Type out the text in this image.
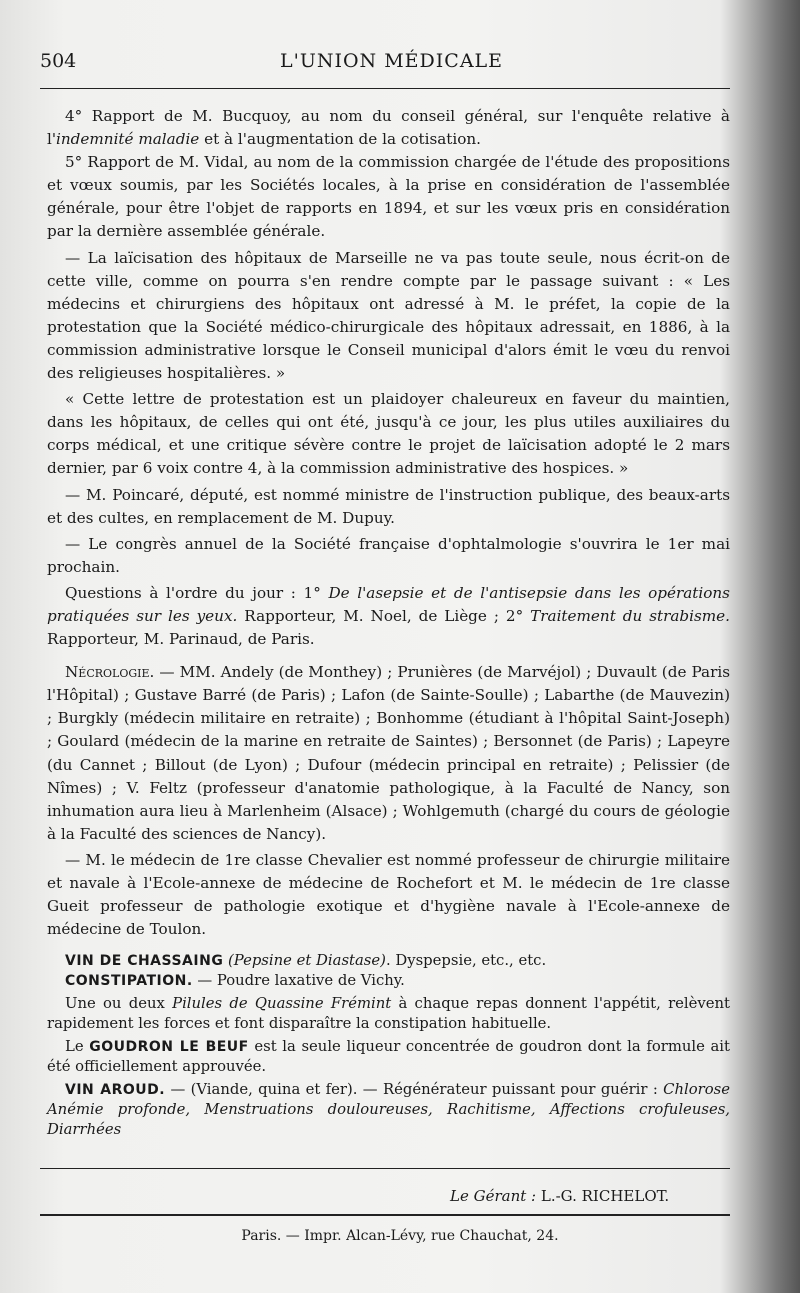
504	L'UNION MÉDICALE

4° Rapport de M. Bucquoy, au nom du conseil général, sur l'enquête relative à l'indemnité maladie et à l'augmentation de la cotisation.

5° Rapport de M. Vidal, au nom de la commission chargée de l'étude des propositions et vœux soumis, par les Sociétés locales, à la prise en considération de l'assemblée générale, pour être l'objet de rapports en 1894, et sur les vœux pris en considération par la dernière assemblée générale.

— La laïcisation des hôpitaux de Marseille ne va pas toute seule, nous écrit-on de cette ville, comme on pourra s'en rendre compte par le passage suivant : « Les médecins et chirurgiens des hôpitaux ont adressé à M. le préfet, la copie de la protestation que la Société médico-chirurgicale des hôpitaux adressait, en 1886, à la commission administrative lorsque le Conseil municipal d'alors émit le vœu du renvoi des religieuses hospitalières. »

« Cette lettre de protestation est un plaidoyer chaleureux en faveur du maintien, dans les hôpitaux, de celles qui ont été, jusqu'à ce jour, les plus utiles auxiliaires du corps médical, et une critique sévère contre le projet de laïcisation adopté le 2 mars dernier, par 6 voix contre 4, à la commission administrative des hospices. »

— M. Poincaré, député, est nommé ministre de l'instruction publique, des beaux-arts et des cultes, en remplacement de M. Dupuy.

— Le congrès annuel de la Société française d'ophtalmologie s'ouvrira le 1er mai prochain.

Questions à l'ordre du jour : 1° De l'asepsie et de l'antisepsie dans les opérations pratiquées sur les yeux. Rapporteur, M. Noel, de Liège ; 2° Traitement du strabisme. Rapporteur, M. Parinaud, de Paris.

Nécrologie. — MM. Andely (de Monthey) ; Prunières (de Marvéjol) ; Duvault (de Paris l'Hôpital) ; Gustave Barré (de Paris) ; Lafon (de Sainte-Soulle) ; Labarthe (de Mauvezin) ; Burgkly (médecin militaire en retraite) ; Bonhomme (étudiant à l'hôpital Saint-Joseph) ; Goulard (médecin de la marine en retraite de Saintes) ; Bersonnet (de Paris) ; Lapeyre (du Cannet ; Billout (de Lyon) ; Dufour (médecin principal en retraite) ; Pelissier (de Nîmes) ; V. Feltz (professeur d'anatomie pathologique, à la Faculté de Nancy, son inhumation aura lieu à Marlenheim (Alsace) ; Wohlgemuth (chargé du cours de géologie à la Faculté des sciences de Nancy).

— M. le médecin de 1re classe Chevalier est nommé professeur de chirurgie militaire et navale à l'Ecole-annexe de médecine de Rochefort et M. le médecin de 1re classe Gueit professeur de pathologie exotique et d'hygiène navale à l'Ecole-annexe de médecine de Toulon.

VIN DE CHASSAING (Pepsine et Diastase). Dyspepsie, etc., etc.

CONSTIPATION. — Poudre laxative de Vichy.

Une ou deux Pilules de Quassine Frémint à chaque repas donnent l'appétit, relèvent rapidement les forces et font disparaître la constipation habituelle.

Le GOUDRON LE BEUF est la seule liqueur concentrée de goudron dont la formule ait été officiellement approuvée.

VIN AROUD. — (Viande, quina et fer). — Régénérateur puissant pour guérir : Chlorose Anémie profonde, Menstruations douloureuses, Rachitisme, Affections crofuleuses, Diarrhées

Le Gérant : L.-G. RICHELOT.
Paris. — Impr. Alcan-Lévy, rue Chauchat, 24.
